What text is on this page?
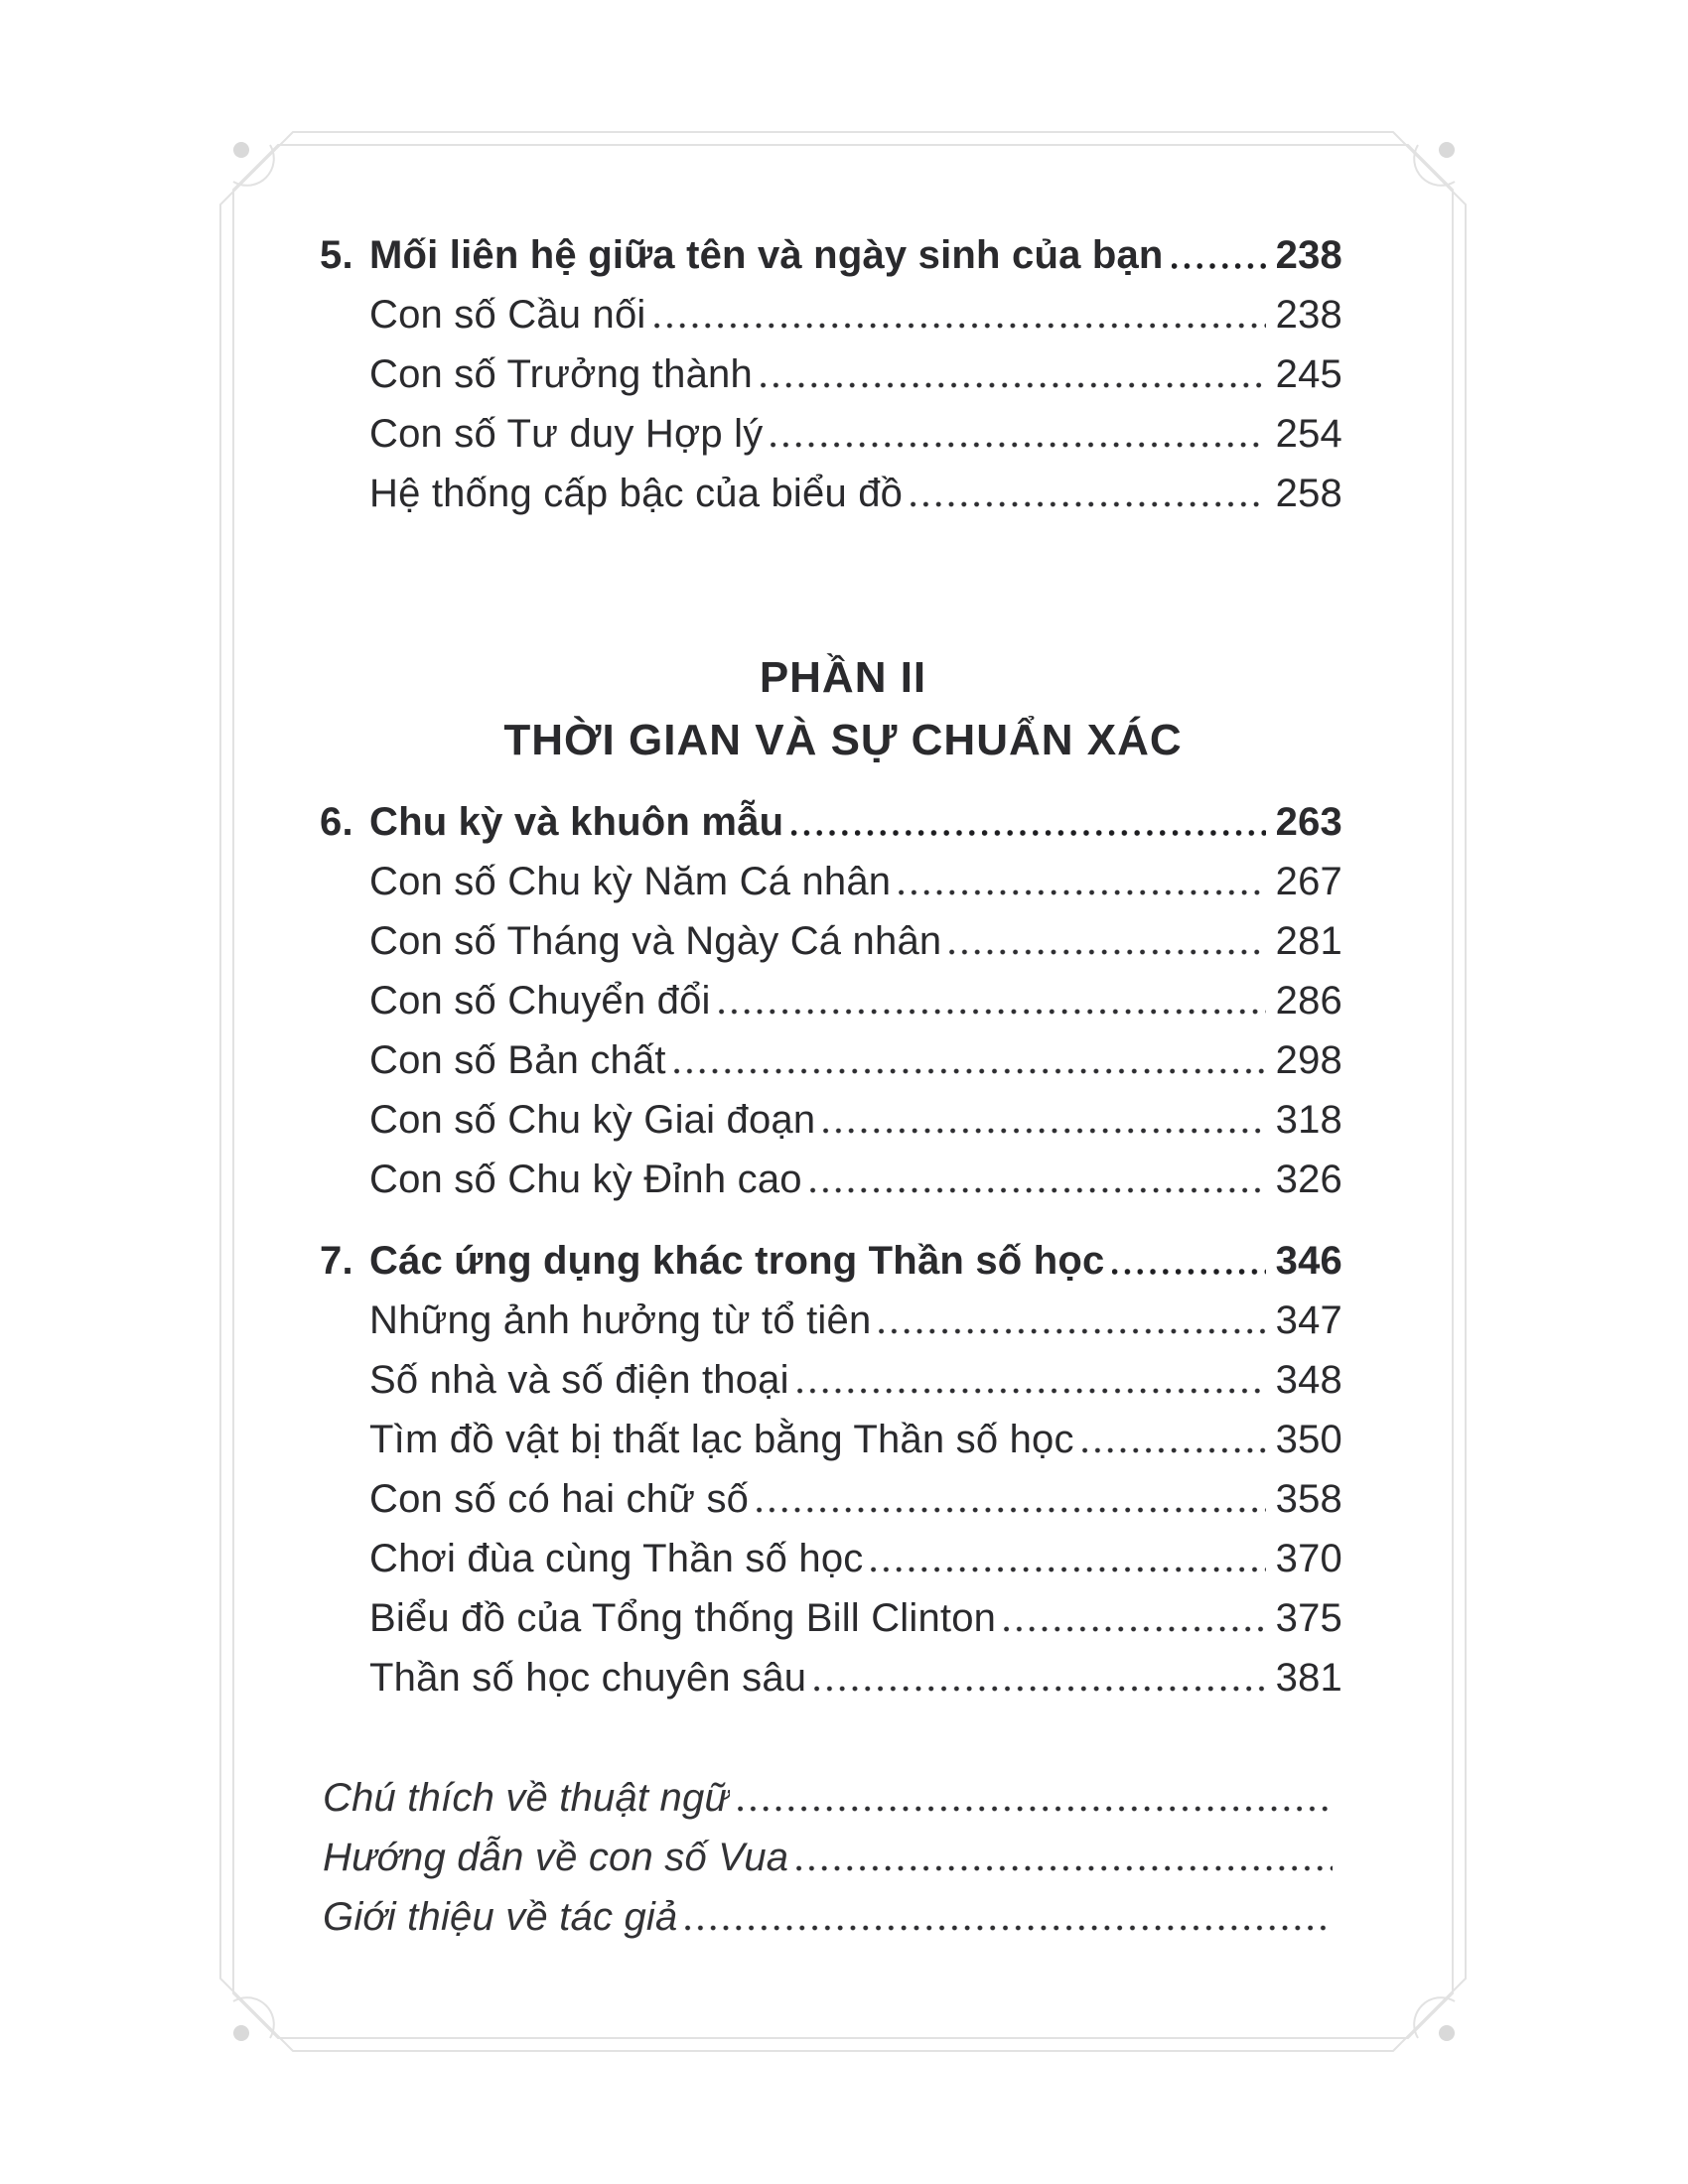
5. Mối liên hệ giữa tên và ngày sinh của bạn	238
Con số Cầu nối	238
Con số Trưởng thành	245
Con số Tư duy Hợp lý	254
Hệ thống cấp bậc của biểu đồ	258
PHẦN II
THỜI GIAN VÀ SỰ CHUẨN XÁC
6. Chu kỳ và khuôn mẫu	263
Con số Chu kỳ Năm Cá nhân	267
Con số Tháng và Ngày Cá nhân	281
Con số Chuyển đổi	286
Con số Bản chất	298
Con số Chu kỳ Giai đoạn	318
Con số Chu kỳ Đỉnh cao	326
7. Các ứng dụng khác trong Thần số học	346
Những ảnh hưởng từ tổ tiên	347
Số nhà và số điện thoại	348
Tìm đồ vật bị thất lạc bằng Thần số học	350
Con số có hai chữ số	358
Chơi đùa cùng Thần số học	370
Biểu đồ của Tổng thống Bill Clinton	375
Thần số học chuyên sâu	381
Chú thích về thuật ngữ
Hướng dẫn về con số Vua
Giới thiệu về tác giả
